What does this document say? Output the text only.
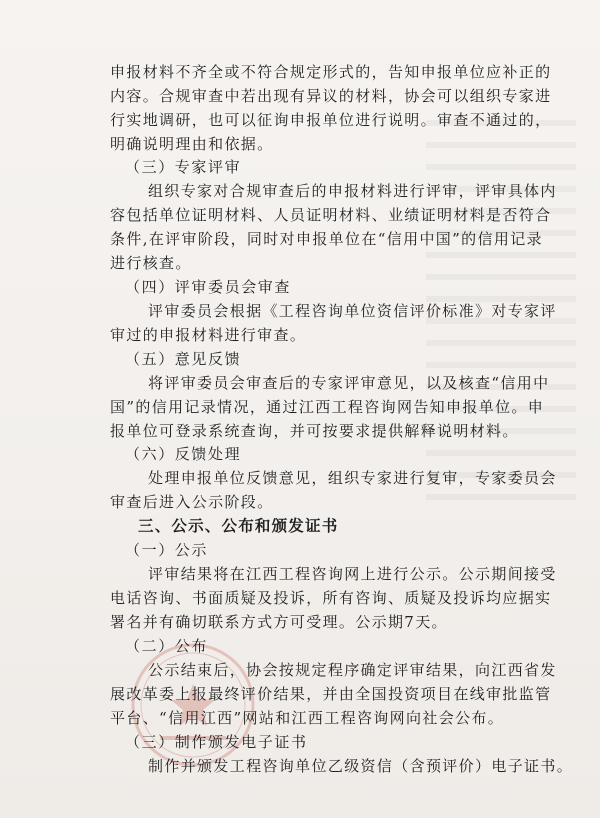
申报材料不齐全或不符合规定形式的，告知申报单位应补正的
内容。合规审查中若出现有异议的材料，协会可以组织专家进
行实地调研，也可以征询申报单位进行说明。审查不通过的，
明确说明理由和依据。
（三）专家评审
组织专家对合规审查后的申报材料进行评审，评审具体内
容包括单位证明材料、人员证明材料、业绩证明材料是否符合
条件,在评审阶段，同时对申报单位在“信用中国”的信用记录
进行核查。
（四）评审委员会审查
评审委员会根据《工程咨询单位资信评价标准》对专家评
审过的申报材料进行审查。
（五）意见反馈
将评审委员会审查后的专家评审意见，以及核查“信用中
国”的信用记录情况，通过江西工程咨询网告知申报单位。申
报单位可登录系统查询，并可按要求提供解释说明材料。
（六）反馈处理
处理申报单位反馈意见，组织专家进行复审，专家委员会
审查后进入公示阶段。
三、公示、公布和颁发证书
（一）公示
评审结果将在江西工程咨询网上进行公示。公示期间接受
电话咨询、书面质疑及投诉，所有咨询、质疑及投诉均应据实
署名并有确切联系方式方可受理。公示期7天。
（二）公布
公示结束后，协会按规定程序确定评审结果，向江西省发
展改革委上报最终评价结果，并由全国投资项目在线审批监管
平台、“信用江西”网站和江西工程咨询网向社会公布。
（三）制作颁发电子证书
制作并颁发工程咨询单位乙级资信（含预评价）电子证书。
